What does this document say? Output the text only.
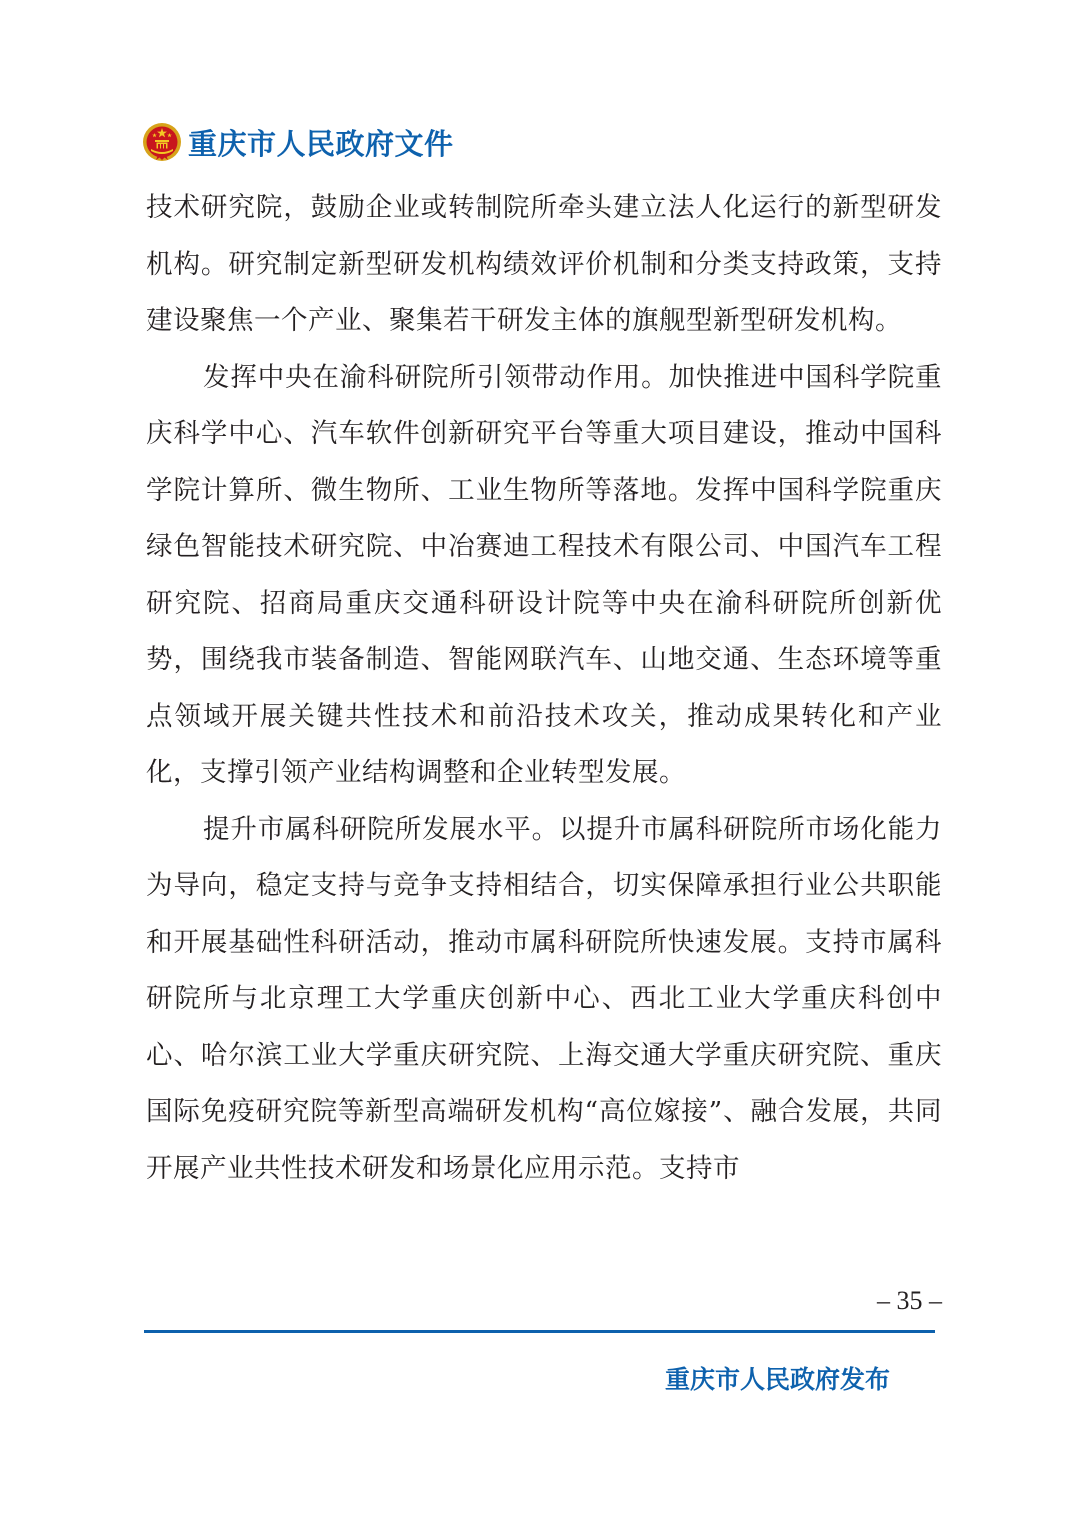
重庆市人民政府文件

技术研究院，鼓励企业或转制院所牵头建立法人化运行的新型研发机构。研究制定新型研发机构绩效评价机制和分类支持政策，支持建设聚焦一个产业、聚集若干研发主体的旗舰型新型研发机构。

发挥中央在渝科研院所引领带动作用。加快推进中国科学院重庆科学中心、汽车软件创新研究平台等重大项目建设，推动中国科学院计算所、微生物所、工业生物所等落地。发挥中国科学院重庆绿色智能技术研究院、中冶赛迪工程技术有限公司、中国汽车工程研究院、招商局重庆交通科研设计院等中央在渝科研院所创新优势，围绕我市装备制造、智能网联汽车、山地交通、生态环境等重点领域开展关键共性技术和前沿技术攻关，推动成果转化和产业化，支撑引领产业结构调整和企业转型发展。

提升市属科研院所发展水平。以提升市属科研院所市场化能力为导向，稳定支持与竞争支持相结合，切实保障承担行业公共职能和开展基础性科研活动，推动市属科研院所快速发展。支持市属科研院所与北京理工大学重庆创新中心、西北工业大学重庆科创中心、哈尔滨工业大学重庆研究院、上海交通大学重庆研究院、重庆国际免疫研究院等新型高端研发机构“高位嫁接”、融合发展，共同开展产业共性技术研发和场景化应用示范。支持市

– 35 –
重庆市人民政府发布
